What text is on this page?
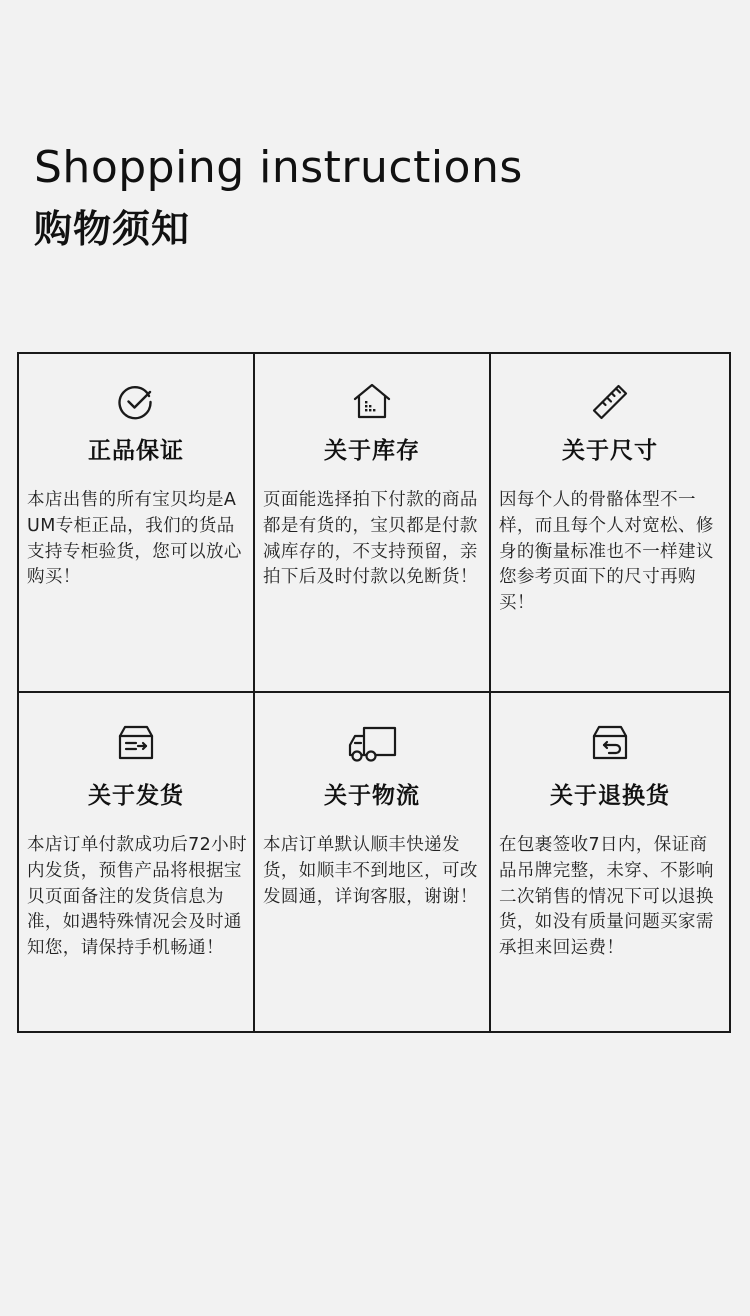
Shopping instructions
购物须知
正品保证
本店出售的所有宝贝均是AUM专柜正品，我们的货品支持专柜验货，您可以放心购买！
关于库存
页面能选择拍下付款的商品都是有货的，宝贝都是付款减库存的，不支持预留，亲拍下后及时付款以免断货！
关于尺寸
因每个人的骨骼体型不一样，而且每个人对宽松、修身的衡量标准也不一样建议您参考页面下的尺寸再购买！
关于发货
本店订单付款成功后72小时内发货，预售产品将根据宝贝页面备注的发货信息为准，如遇特殊情况会及时通知您，请保持手机畅通！
关于物流
本店订单默认顺丰快递发货，如顺丰不到地区，可改发圆通，详询客服，谢谢！
关于退换货
在包裹签收7日内，保证商品吊牌完整，未穿、不影响二次销售的情况下可以退换货，如没有质量问题买家需承担来回运费！
